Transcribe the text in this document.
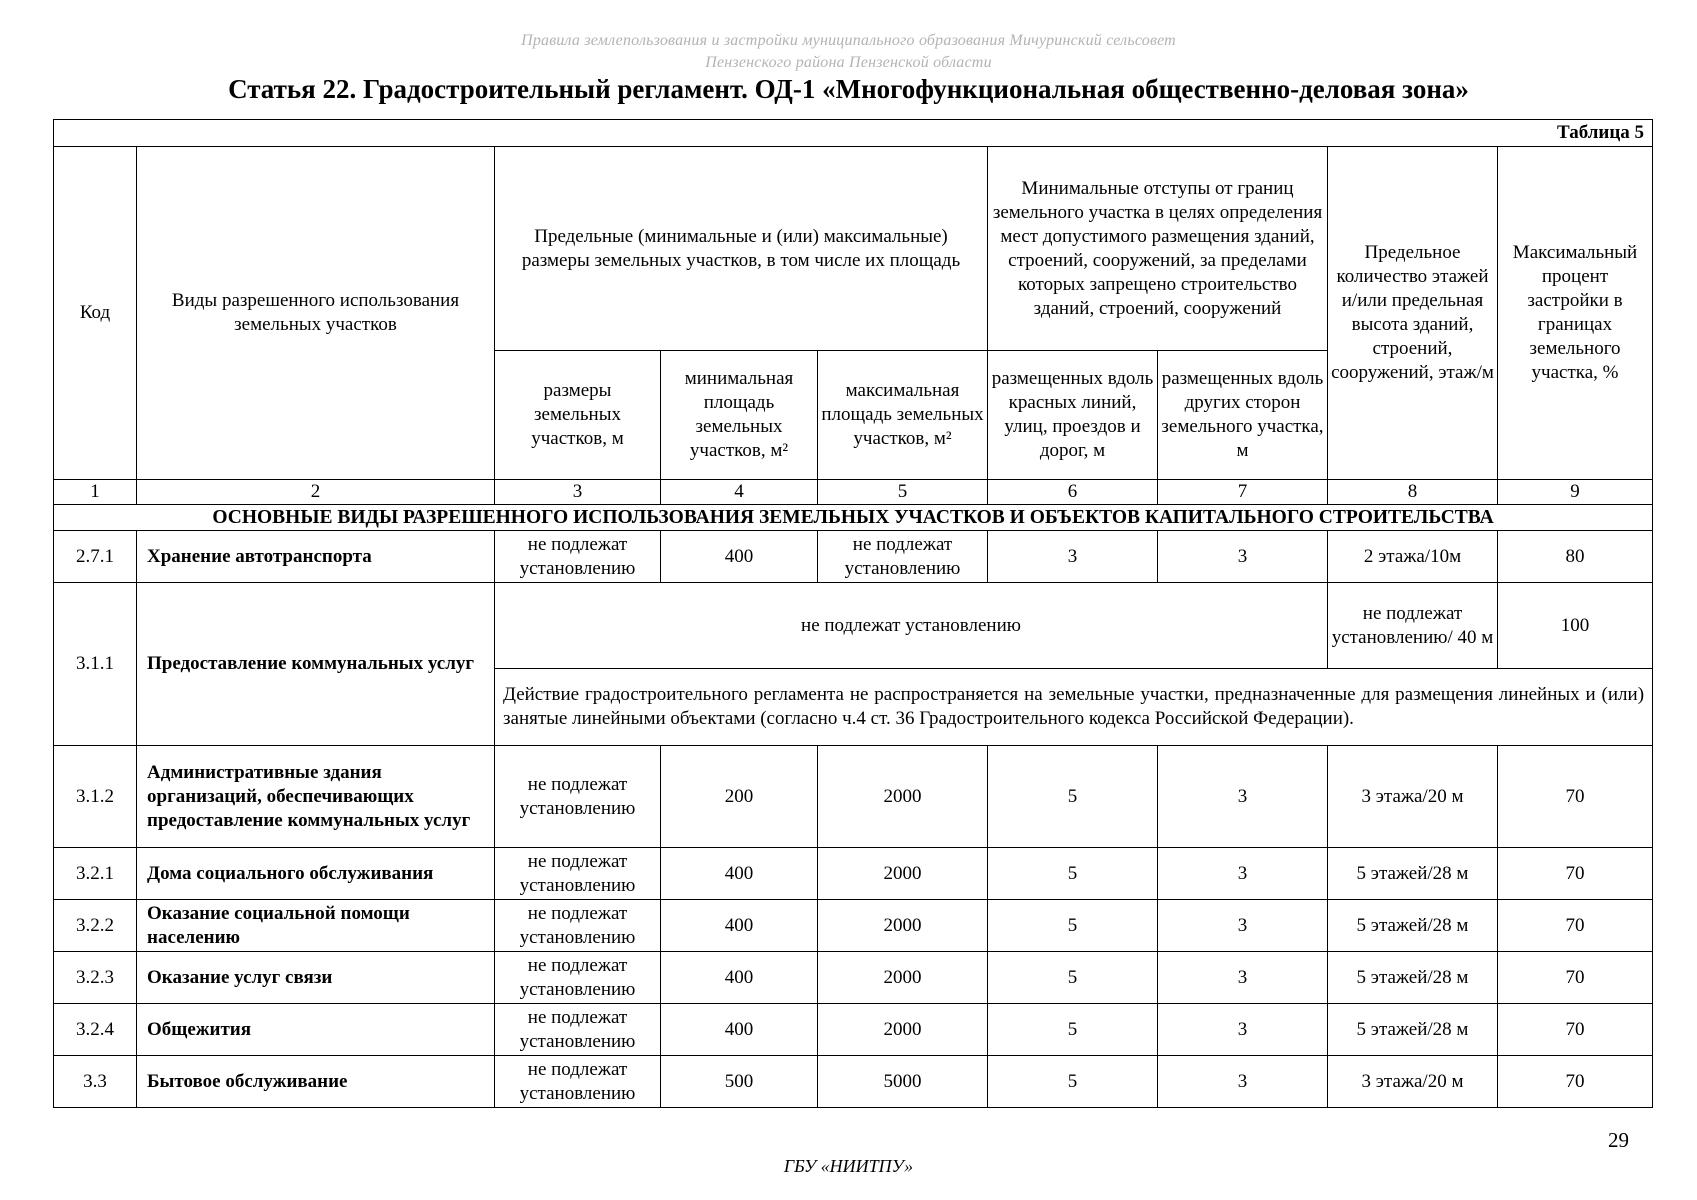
Правила землепользования и застройки муниципального образования Мичуринский сельсовет
Пензенского района Пензенской области
Статья 22. Градостроительный регламент. ОД-1 «Многофункциональная общественно-деловая зона»
Таблица 5								
Код	Виды разрешенного использования земельных участков	Предельные (минимальные и (или) максимальные) размеры земельных участков, в том числе их площадь			Минимальные отступы от границ земельного участка в целях определения мест допустимого размещения зданий, строений, сооружений, за пределами которых запрещено строительство зданий, строений, сооружений		Предельное количество этажей и/или предельная высота зданий, строений, сооружений, этаж/м	Максимальный процент застройки в границах земельного участка, %
		размеры земельных участков, м	минимальная площадь земельных участков, м²	максимальная площадь земельных участков, м²	размещенных вдоль красных линий, улиц, проездов и дорог, м	размещенных вдоль других сторон земельного участка, м		
1	2	3	4	5	6	7	8	9
ОСНОВНЫЕ ВИДЫ РАЗРЕШЕННОГО ИСПОЛЬЗОВАНИЯ ЗЕМЕЛЬНЫХ УЧАСТКОВ И ОБЪЕКТОВ КАПИТАЛЬНОГО СТРОИТЕЛЬСТВА								
2.7.1	Хранение автотранспорта	не подлежат установлению	400	не подлежат установлению	3	3	2 этажа/10м	80
3.1.1	Предоставление коммунальных услуг	не подлежат установлению					не подлежат установлению/ 40 м	100

		Действие градостроительного регламента не распространяется на земельные участки, предназначенные для размещения линейных и (или) занятые линейными объектами (согласно ч.4 ст. 36 Градостроительного кодекса Российской Федерации).						

3.1.2	Административные здания организаций, обеспечивающих предоставление коммунальных услуг	не подлежат установлению	200	2000	5	3	3 этажа/20 м	70
3.2.1	Дома социального обслуживания	не подлежат установлению	400	2000	5	3	5 этажей/28 м	70
3.2.2	Оказание социальной помощи населению	не подлежат установлению	400	2000	5	3	5 этажей/28 м	70
3.2.3	Оказание услуг связи	не подлежат установлению	400	2000	5	3	5 этажей/28 м	70
3.2.4	Общежития	не подлежат установлению	400	2000	5	3	5 этажей/28 м	70
3.3	Бытовое обслуживание	не подлежат установлению	500	5000	5	3	3 этажа/20 м	70
29
ГБУ «НИИТПУ»
